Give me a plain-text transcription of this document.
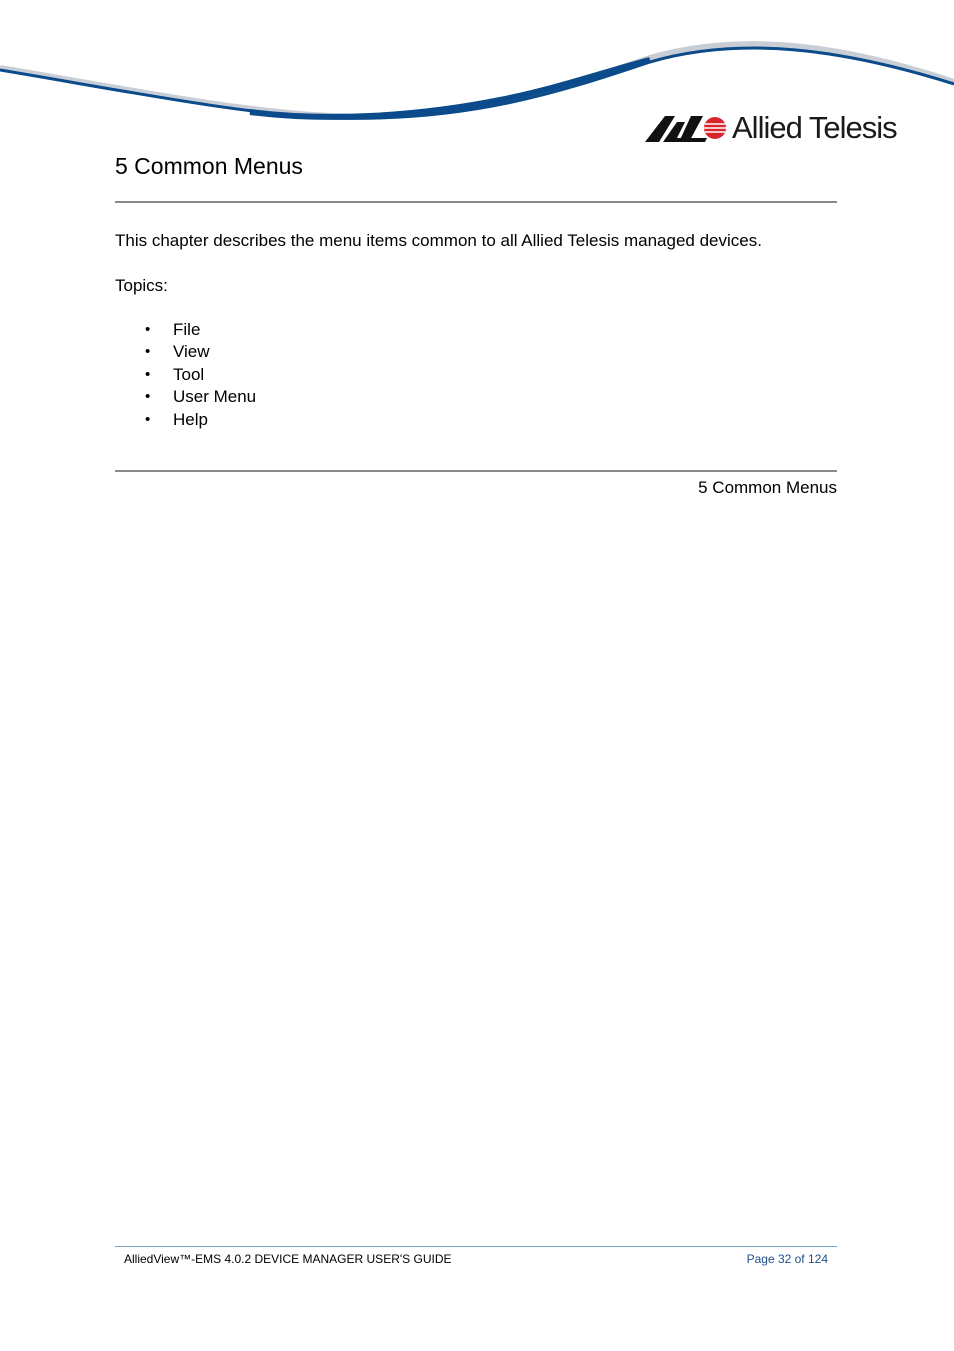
Allied Telesis
5 Common Menus

This chapter describes the menu items common to all Allied Telesis managed devices.

Topics:

• File
• View
• Tool
• User Menu
• Help

5 Common Menus

AlliedView™-EMS 4.0.2 DEVICE MANAGER USER'S GUIDE	Page 32 of 124
